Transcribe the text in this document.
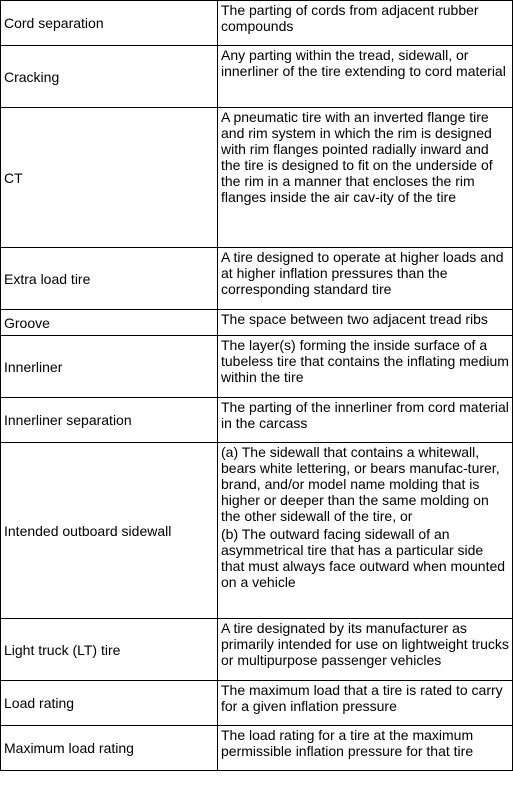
Cord separation	The parting of cords from adjacent rubber compounds

Cracking	Any parting within the tread, sidewall, or innerliner of the tire extending to cord material

CT	A pneumatic tire with an inverted flange tire and rim system in which the rim is designed with rim flanges pointed radially inward and the tire is designed to fit on the underside of the rim in a manner that encloses the rim flanges inside the air cav-ity of the tire

Extra load tire	A tire designed to operate at higher loads and at higher inflation pressures than the corresponding standard tire

Groove	The space between two adjacent tread ribs

Innerliner	The layer(s) forming the inside surface of a tubeless tire that contains the inflating medium within the tire

Innerliner separation	The parting of the innerliner from cord material in the carcass

Intended outboard sidewall	(a) The sidewall that contains a whitewall, bears white lettering, or bears manufac-turer, brand, and/or model name molding that is higher or deeper than the same molding on the other sidewall of the tire, or
(b) The outward facing sidewall of an asymmetrical tire that has a particular side that must always face outward when mounted on a vehicle

Light truck (LT) tire	A tire designated by its manufacturer as primarily intended for use on lightweight trucks or multipurpose passenger vehicles

Load rating	The maximum load that a tire is rated to carry for a given inflation pressure

Maximum load rating	The load rating for a tire at the maximum permissible inflation pressure for that tire
